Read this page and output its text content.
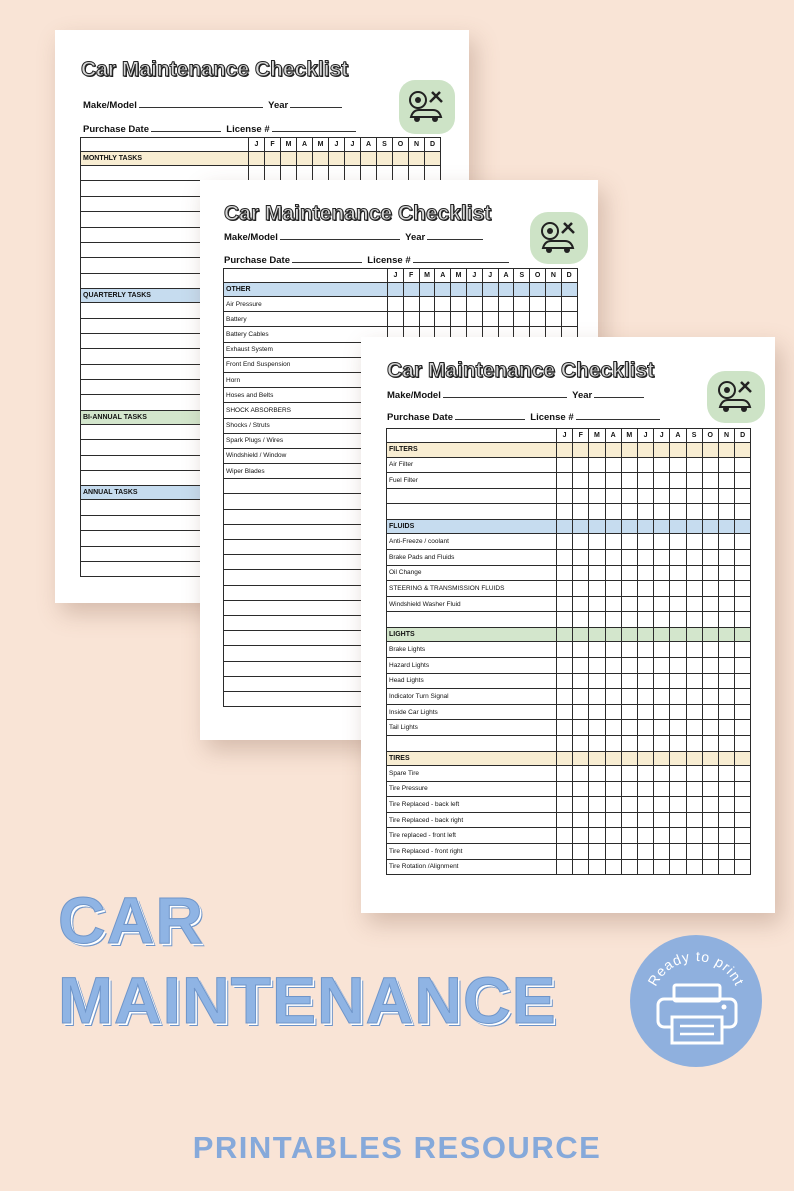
Car Maintenance Checklist
Make/Model	Year
Purchase Date	License #
	J	F	M	A	M	J	J	A	S	O	N	D
MONTHLY TASKS												

QUARTERLY TASKS												

BI-ANNUAL TASKS												

ANNUAL TASKS												

Car Maintenance Checklist
Make/Model	Year
Purchase Date	License #
	J	F	M	A	M	J	J	A	S	O	N	D
OTHER												
Air Pressure												
Battery												
Battery Cables												
Exhaust System												
Front End Suspension												
Horn												
Hoses and Belts												
SHOCK ABSORBERS												
Shocks / Struts												
Spark Plugs / Wires												
Windshield / Window												
Wiper Blades												

Car Maintenance Checklist
Make/Model	Year
Purchase Date	License #
	J	F	M	A	M	J	J	A	S	O	N	D
FILTERS												
Air Filter												
Fuel Filter												

FLUIDS												
Anti-Freeze / coolant												
Brake Pads and Fluids												
Oil Change												
STEERING & TRANSMISSION FLUIDS												
Windshield Washer Fluid												

LIGHTS												
Brake Lights												
Hazard Lights												
Head Lights												
Indicator Turn Signal												
Inside Car Lights												
Tail Lights												

TIRES												
Spare Tire												
Tire Pressure												
Tire Replaced - back left												
Tire Replaced - back right												
Tire replaced - front left												
Tire Replaced - front right												
Tire Rotation /Alignment												
CAR
MAINTENANCE	Ready to print
PRINTABLES RESOURCE
